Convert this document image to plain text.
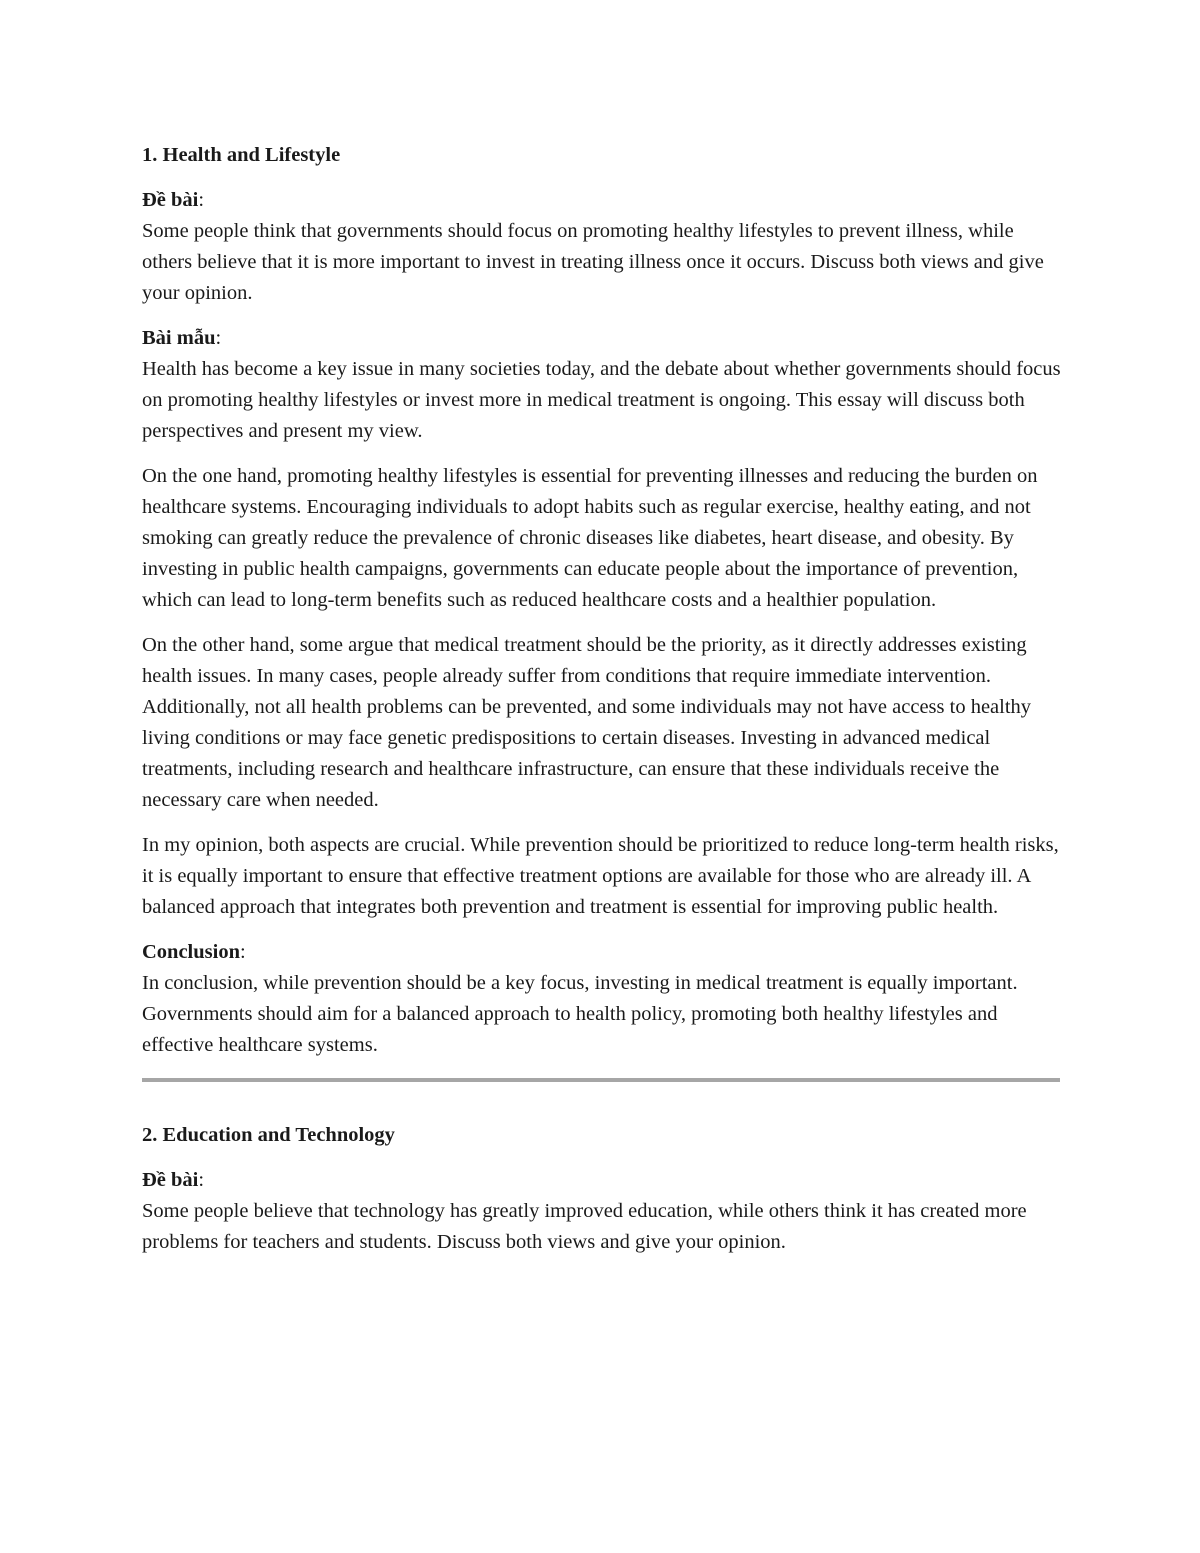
1. Health and Lifestyle
Đề bài:
Some people think that governments should focus on promoting healthy lifestyles to prevent illness, while others believe that it is more important to invest in treating illness once it occurs. Discuss both views and give your opinion.
Bài mẫu:
Health has become a key issue in many societies today, and the debate about whether governments should focus on promoting healthy lifestyles or invest more in medical treatment is ongoing. This essay will discuss both perspectives and present my view.

On the one hand, promoting healthy lifestyles is essential for preventing illnesses and reducing the burden on healthcare systems. Encouraging individuals to adopt habits such as regular exercise, healthy eating, and not smoking can greatly reduce the prevalence of chronic diseases like diabetes, heart disease, and obesity. By investing in public health campaigns, governments can educate people about the importance of prevention, which can lead to long-term benefits such as reduced healthcare costs and a healthier population.

On the other hand, some argue that medical treatment should be the priority, as it directly addresses existing health issues. In many cases, people already suffer from conditions that require immediate intervention. Additionally, not all health problems can be prevented, and some individuals may not have access to healthy living conditions or may face genetic predispositions to certain diseases. Investing in advanced medical treatments, including research and healthcare infrastructure, can ensure that these individuals receive the necessary care when needed.

In my opinion, both aspects are crucial. While prevention should be prioritized to reduce long-term health risks, it is equally important to ensure that effective treatment options are available for those who are already ill. A balanced approach that integrates both prevention and treatment is essential for improving public health.

Conclusion:
In conclusion, while prevention should be a key focus, investing in medical treatment is equally important. Governments should aim for a balanced approach to health policy, promoting both healthy lifestyles and effective healthcare systems.
2. Education and Technology
Đề bài:
Some people believe that technology has greatly improved education, while others think it has created more problems for teachers and students. Discuss both views and give your opinion.
